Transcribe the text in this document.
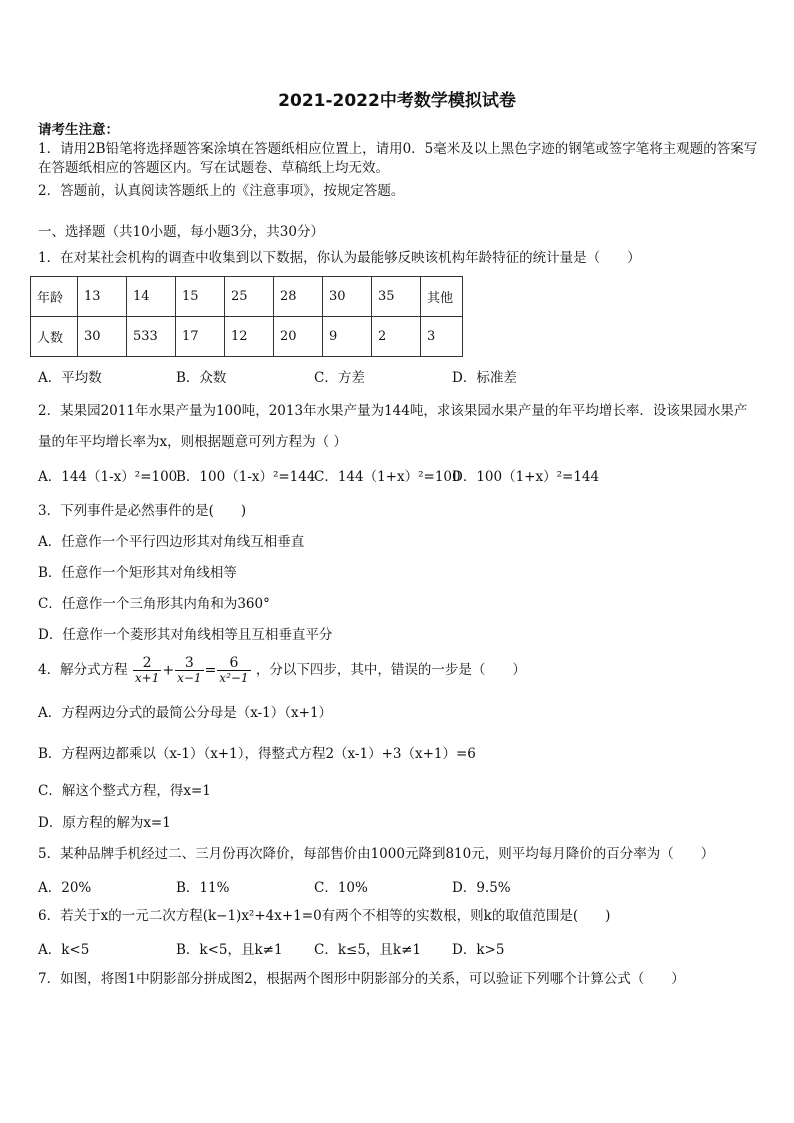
2021-2022中考数学模拟试卷
请考生注意：
1．请用2B铅笔将选择题答案涂填在答题纸相应位置上，请用0．5毫米及以上黑色字迹的钢笔或签字笔将主观题的答案写在答题纸相应的答题区内。写在试题卷、草稿纸上均无效。
2．答题前，认真阅读答题纸上的《注意事项》，按规定答题。
一、选择题（共10小题，每小题3分，共30分）
1．在对某社会机构的调查中收集到以下数据，你认为最能够反映该机构年龄特征的统计量是（　　）
年龄	13	14	15	25	28	30	35	其他
人数	30	533	17	12	20	9	2	3
A．平均数	B．众数	C．方差	D．标准差
2．某果园2011年水果产量为100吨，2013年水果产量为144吨，求该果园水果产量的年平均增长率．设该果园水果产量的年平均增长率为x，则根据题意可列方程为（ ）
A．144（1-x）²=100
B．100（1-x）²=144
C．144（1+x）²=100
D．100（1+x）²=144
3．下列事件是必然事件的是(　　)
A．任意作一个平行四边形其对角线互相垂直
B．任意作一个矩形其对角线相等
C．任意作一个三角形其内角和为360°
D．任意作一个菱形其对角线相等且互相垂直平分
4．解分式方程 $\frac{2}{x+1} + \frac{3}{x-1} = \frac{6}{\text{x²−1}}$ ，分以下四步，其中，错误的一步是（　　）
A．方程两边分式的最简公分母是（x-1）（x+1）
B．方程两边都乘以（x-1）（x+1），得整式方程2（x-1）+3（x+1）=6
C．解这个整式方程，得x=1
D．原方程的解为x=1
5．某种品牌手机经过二、三月份再次降价，每部售价由1000元降到810元，则平均每月降价的百分率为（　　）
A．20%	B．11%	C．10%	D．9.5%
6．若关于x的一元二次方程(k−1)x²+4x+1=0有两个不相等的实数根，则k的取值范围是(　　)
A．k<5	B．k<5，且k≠1 C．k≤5，且k≠1 D．k>5
7．如图，将图1中阴影部分拼成图2，根据两个图形中阴影部分的关系，可以验证下列哪个计算公式（　　）
